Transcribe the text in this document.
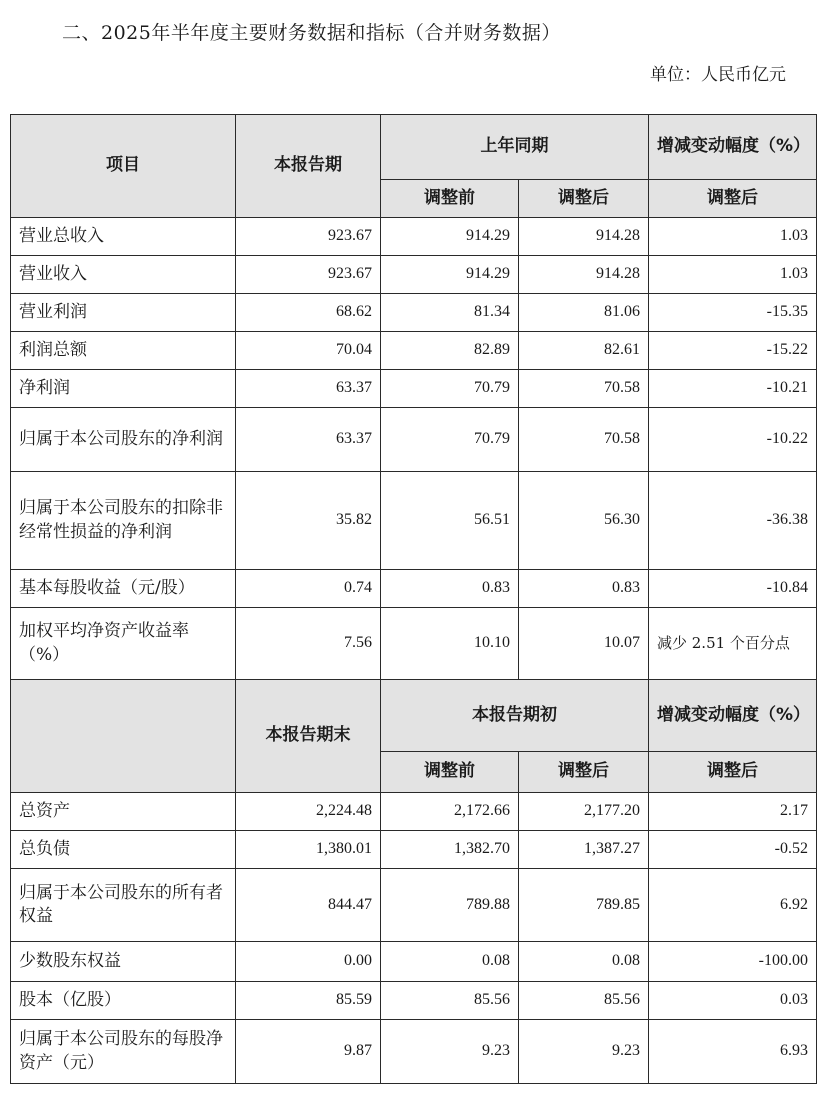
二、2025年半年度主要财务数据和指标（合并财务数据）
单位：人民币亿元
项目	本报告期	上年同期		增减变动幅度（%）
		调整前	调整后	调整后
营业总收入	923.67	914.29	914.28	1.03
营业收入	923.67	914.29	914.28	1.03
营业利润	68.62	81.34	81.06	-15.35
利润总额	70.04	82.89	82.61	-15.22
净利润	63.37	70.79	70.58	-10.21
归属于本公司股东的净利润	63.37	70.79	70.58	-10.22
归属于本公司股东的扣除非经常性损益的净利润	35.82	56.51	56.30	-36.38
基本每股收益（元/股）	0.74	0.83	0.83	-10.84
加权平均净资产收益率（%）	7.56	10.10	10.07	减少 2.51 个百分点
	本报告期末	本报告期初		增减变动幅度（%）
		调整前	调整后	调整后
总资产	2,224.48	2,172.66	2,177.20	2.17
总负债	1,380.01	1,382.70	1,387.27	-0.52
归属于本公司股东的所有者权益	844.47	789.88	789.85	6.92
少数股东权益	0.00	0.08	0.08	-100.00
股本（亿股）	85.59	85.56	85.56	0.03
归属于本公司股东的每股净资产（元）	9.87	9.23	9.23	6.93
